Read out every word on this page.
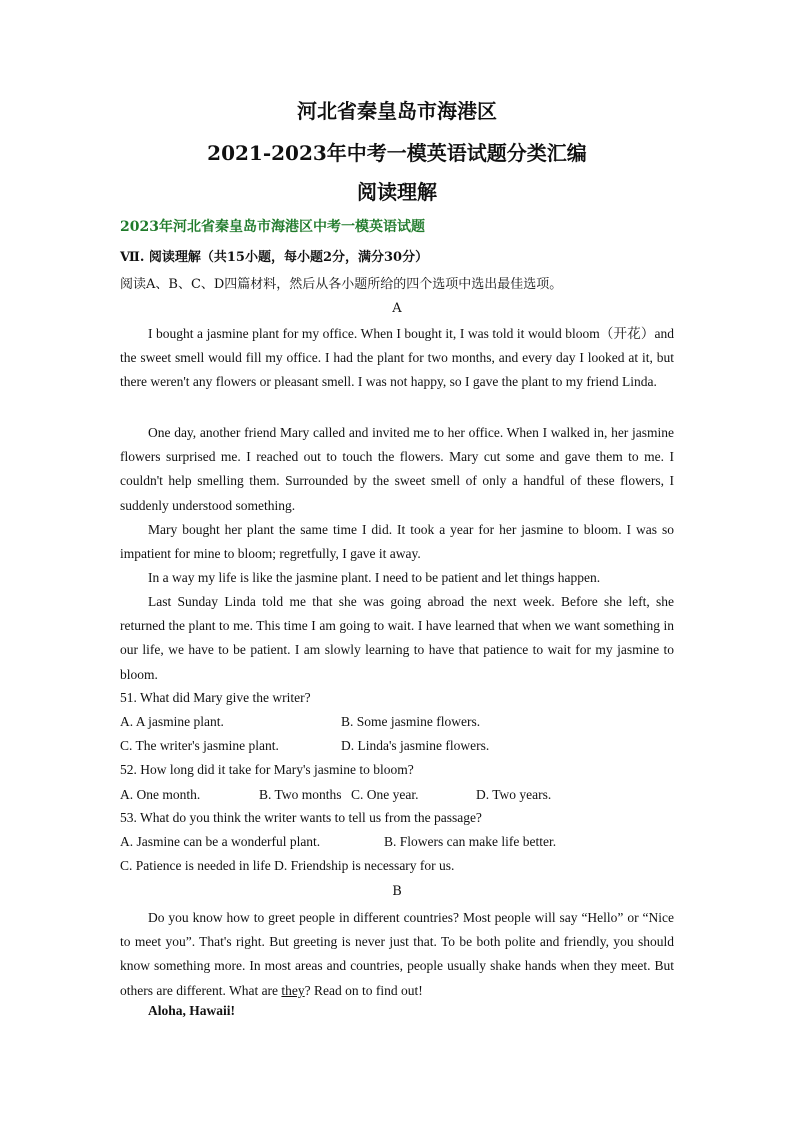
河北省秦皇岛市海港区
2021-2023年中考一模英语试题分类汇编
阅读理解
2023年河北省秦皇岛市海港区中考一模英语试题
Ⅶ. 阅读理解（共15小题，每小题2分，满分30分）
阅读A、B、C、D四篇材料，然后从各小题所给的四个选项中选出最佳选项。
A
I bought a jasmine plant for my office. When I bought it, I was told it would bloom（开花）and the sweet smell would fill my office. I had the plant for two months, and every day I looked at it, but there weren't any flowers or pleasant smell. I was not happy, so I gave the plant to my friend Linda.
One day, another friend Mary called and invited me to her office. When I walked in, her jasmine flowers surprised me. I reached out to touch the flowers. Mary cut some and gave them to me. I couldn't help smelling them. Surrounded by the sweet smell of only a handful of these flowers, I suddenly understood something.
Mary bought her plant the same time I did. It took a year for her jasmine to bloom. I was so impatient for mine to bloom; regretfully, I gave it away.
In a way my life is like the jasmine plant. I need to be patient and let things happen.
Last Sunday Linda told me that she was going abroad the next week. Before she left, she returned the plant to me. This time I am going to wait. I have learned that when we want something in our life, we have to be patient. I am slowly learning to have that patience to wait for my jasmine to bloom.
51. What did Mary give the writer?
A. A jasmine plant.	B. Some jasmine flowers.
C. The writer's jasmine plant.	D. Linda's jasmine flowers.
52. How long did it take for Mary's jasmine to bloom?
A. One month.	B. Two months C. One year.	D. Two years.
53. What do you think the writer wants to tell us from the passage?
A. Jasmine can be a wonderful plant.	B. Flowers can make life better.
C. Patience is needed in life D. Friendship is necessary for us.
B
Do you know how to greet people in different countries? Most people will say “Hello” or “Nice to meet you”. That's right. But greeting is never just that. To be both polite and friendly, you should know something more. In most areas and countries, people usually shake hands when they meet. But others are different. What are they? Read on to find out!
Aloha, Hawaii!
